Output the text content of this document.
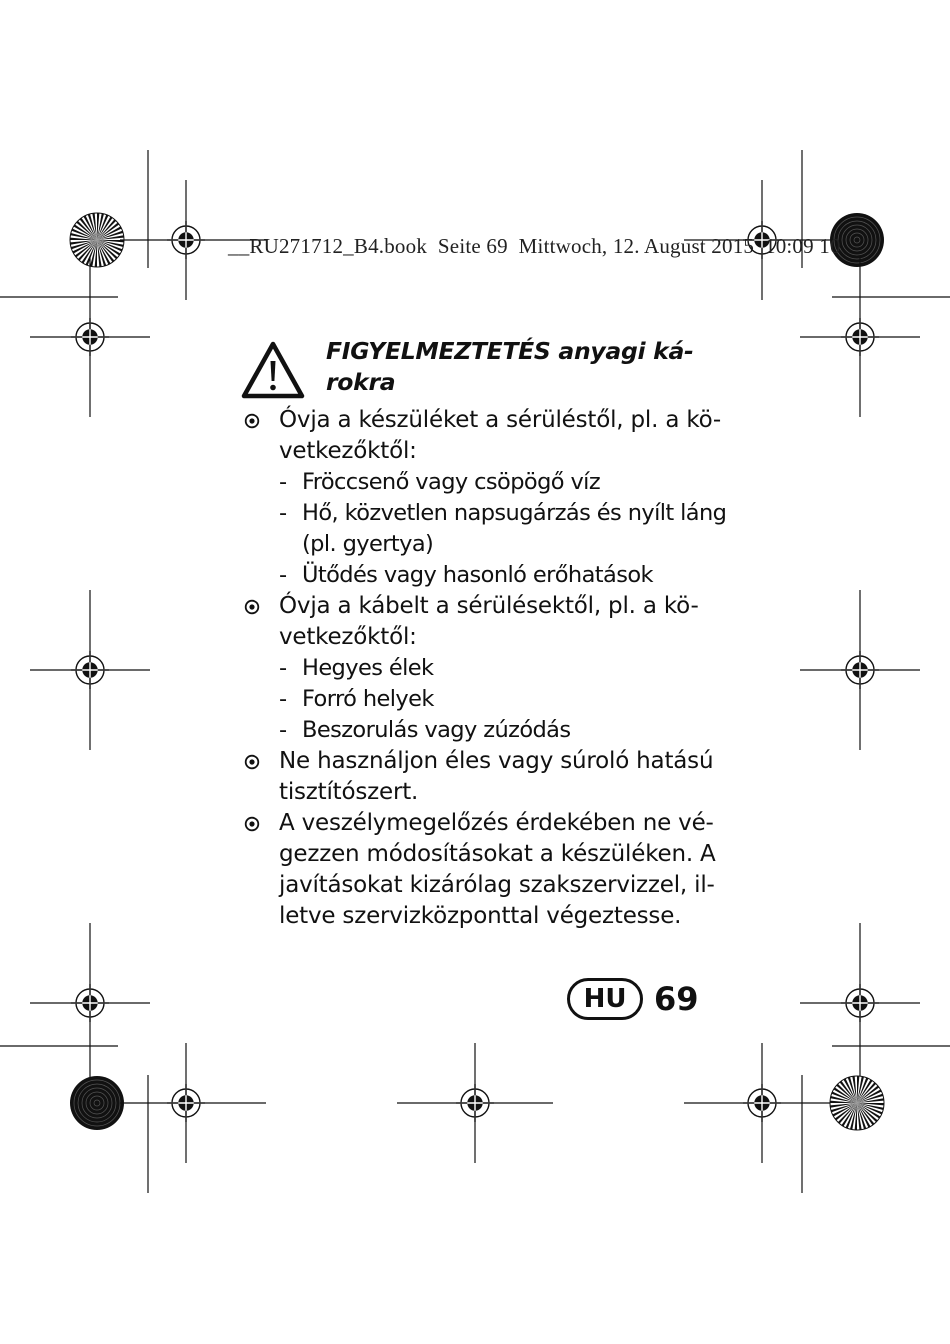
__RU271712_B4.book  Seite 69  Mittwoch, 12. August 2015  10:09 10
FIGYELMEZTETÉS anyagi ká-
rokra
Óvja a készüléket a sérüléstől, pl. a kö-
vetkezőktől:
- Fröccsenő vagy csöpögő víz
- Hő, közvetlen napsugárzás és nyílt láng
(pl. gyertya)
- Ütődés vagy hasonló erőhatások
Óvja a kábelt a sérülésektől, pl. a kö-
vetkezőktől:
- Hegyes élek
- Forró helyek
- Beszorulás vagy zúzódás
Ne használjon éles vagy súroló hatású
tisztítószert.
A veszélymegelőzés érdekében ne vé-
gezzen módosításokat a készüléken. A
javításokat kizárólag szakszervizzel, il-
letve szervizközponttal végeztesse.
HU 69
